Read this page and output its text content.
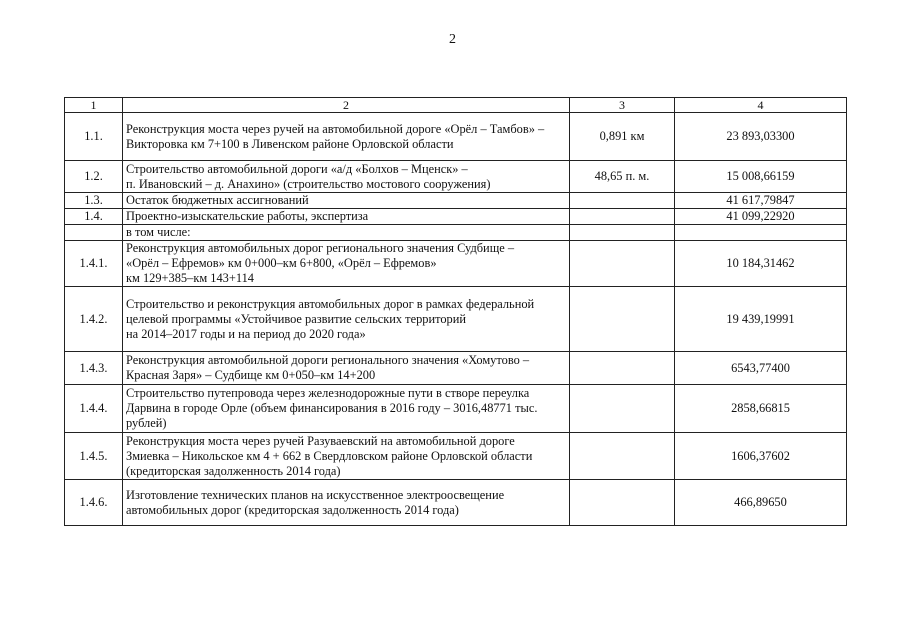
2
1	2	3	4
1.1.	Реконструкция моста через ручей на автомобильной дороге «Орёл – Тамбов» –
Викторовка км 7+100 в Ливенском районе Орловской области	0,891 км	23 893,03300
1.2.	Строительство автомобильной дороги «а/д «Болхов – Мценск» –
п. Ивановский – д. Анахино» (строительство мостового сооружения)	48,65 п. м.	15 008,66159
1.3.	Остаток бюджетных ассигнований		41 617,79847
1.4.	Проектно-изыскательские работы, экспертиза		41 099,22920

	в том числе:		

1.4.1.	Реконструкция автомобильных дорог регионального значения Судбище –
«Орёл – Ефремов» км 0+000–км 6+800, «Орёл – Ефремов»
км 129+385–км 143+114		10 184,31462
1.4.2.	Строительство и реконструкция автомобильных дорог в рамках федеральной
целевой программы «Устойчивое развитие сельских территорий
на 2014–2017 годы и на период до 2020 года»		19 439,19991
1.4.3.	Реконструкция автомобильной дороги регионального значения «Хомутово –
Красная Заря» – Судбище км 0+050–км 14+200		6543,77400
1.4.4.	Строительство путепровода через железнодорожные пути в створе переулка
Дарвина в городе Орле (объем финансирования в 2016 году – 3016,48771 тыс.
рублей)		2858,66815
1.4.5.	Реконструкция моста через ручей Разуваевский на автомобильной дороге
Змиевка – Никольское км 4 + 662 в Свердловском районе Орловской области
(кредиторская задолженность 2014 года)		1606,37602
1.4.6.	Изготовление технических планов на искусственное электроосвещение
автомобильных дорог (кредиторская задолженность 2014 года)		466,89650
